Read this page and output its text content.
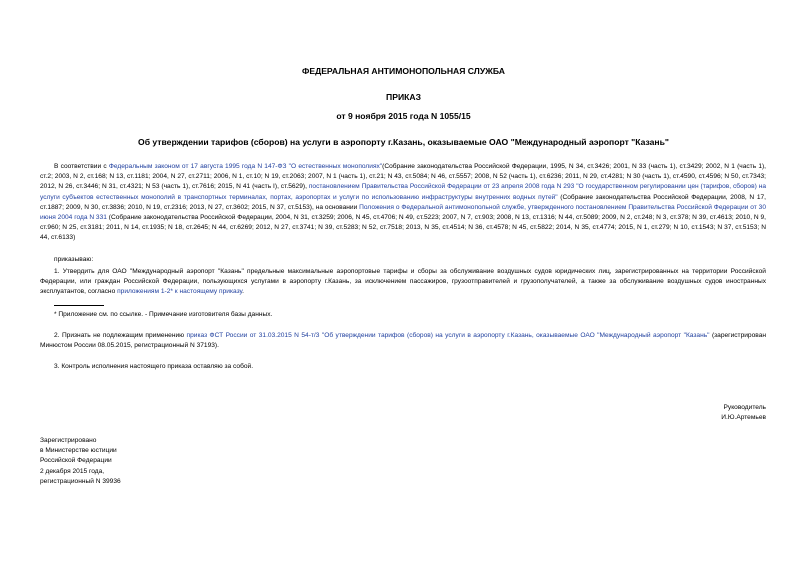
ФЕДЕРАЛЬНАЯ АНТИМОНОПОЛЬНАЯ СЛУЖБА
ПРИКАЗ
от 9 ноября 2015 года N 1055/15
Об утверждении тарифов (сборов) на услуги в аэропорту г.Казань, оказываемые ОАО "Международный аэропорт "Казань"
В соответствии с Федеральным законом от 17 августа 1995 года N 147-ФЗ "О естественных монополиях"(Собрание законодательства Российской Федерации, 1995, N 34, ст.3426; 2001, N 33 (часть 1), ст.3429; 2002, N 1 (часть 1), ст.2; 2003, N 2, ст.168; N 13, ст.1181; 2004, N 27, ст.2711; 2006, N 1, ст.10; N 19, ст.2063; 2007, N 1 (часть 1), ст.21; N 43, ст.5084; N 46, ст.5557; 2008, N 52 (часть 1), ст.6236; 2011, N 29, ст.4281; N 30 (часть 1), ст.4590, ст.4596; N 50, ст.7343; 2012, N 26, ст.3446; N 31, ст.4321; N 53 (часть 1), ст.7616; 2015, N 41 (часть I), ст.5629), постановлением Правительства Российской Федерации от 23 апреля 2008 года N 293 "О государственном регулировании цен (тарифов, сборов) на услуги субъектов естественных монополий в транспортных терминалах, портах, аэропортах и услуги по использованию инфраструктуры внутренних водных путей" (Собрание законодательства Российской Федерации, 2008, N 17, ст.1887; 2009, N 30, ст.3836; 2010, N 19, ст.2316; 2013, N 27, ст.3602; 2015, N 37, ст.5153), на основании Положения о Федеральной антимонопольной службе, утвержденного постановлением Правительства Российской Федерации от 30 июня 2004 года N 331 (Собрание законодательства Российской Федерации, 2004, N 31, ст.3259; 2006, N 45, ст.4706; N 49, ст.5223; 2007, N 7, ст.903; 2008, N 13, ст.1316; N 44, ст.5089; 2009, N 2, ст.248; N 3, ст.378; N 39, ст.4613; 2010, N 9, ст.960; N 25, ст.3181; 2011, N 14, ст.1935; N 18, ст.2645; N 44, ст.6269; 2012, N 27, ст.3741; N 39, ст.5283; N 52, ст.7518; 2013, N 35, ст.4514; N 36, ст.4578; N 45, ст.5822; 2014, N 35, ст.4774; 2015, N 1, ст.279; N 10, ст.1543; N 37, ст.5153; N 44, ст.6133)
приказываю:
1. Утвердить для ОАО "Международный аэропорт "Казань" предельные максимальные аэропортовые тарифы и сборы за обслуживание воздушных судов юридических лиц, зарегистрированных на территории Российской Федерации, или граждан Российской Федерации, пользующихся услугами в аэропорту г.Казань, за исключением пассажиров, грузоотправителей и грузополучателей, а также за обслуживание воздушных судов иностранных эксплуатантов, согласно приложениям 1-2* к настоящему приказу.
* Приложение см. по ссылке. - Примечание изготовителя базы данных.
2. Признать не подлежащим применению приказ ФСТ России от 31.03.2015 N 54-т/3 "Об утверждении тарифов (сборов) на услуги в аэропорту г.Казань, оказываемые ОАО "Международный аэропорт "Казань" (зарегистрирован Минюстом России 08.05.2015, регистрационный N 37193).
3. Контроль исполнения настоящего приказа оставляю за собой.
Руководитель
И.Ю.Артемьев
Зарегистрировано
в Министерстве юстиции
Российской Федерации
2 декабря 2015 года,
регистрационный N 39936
